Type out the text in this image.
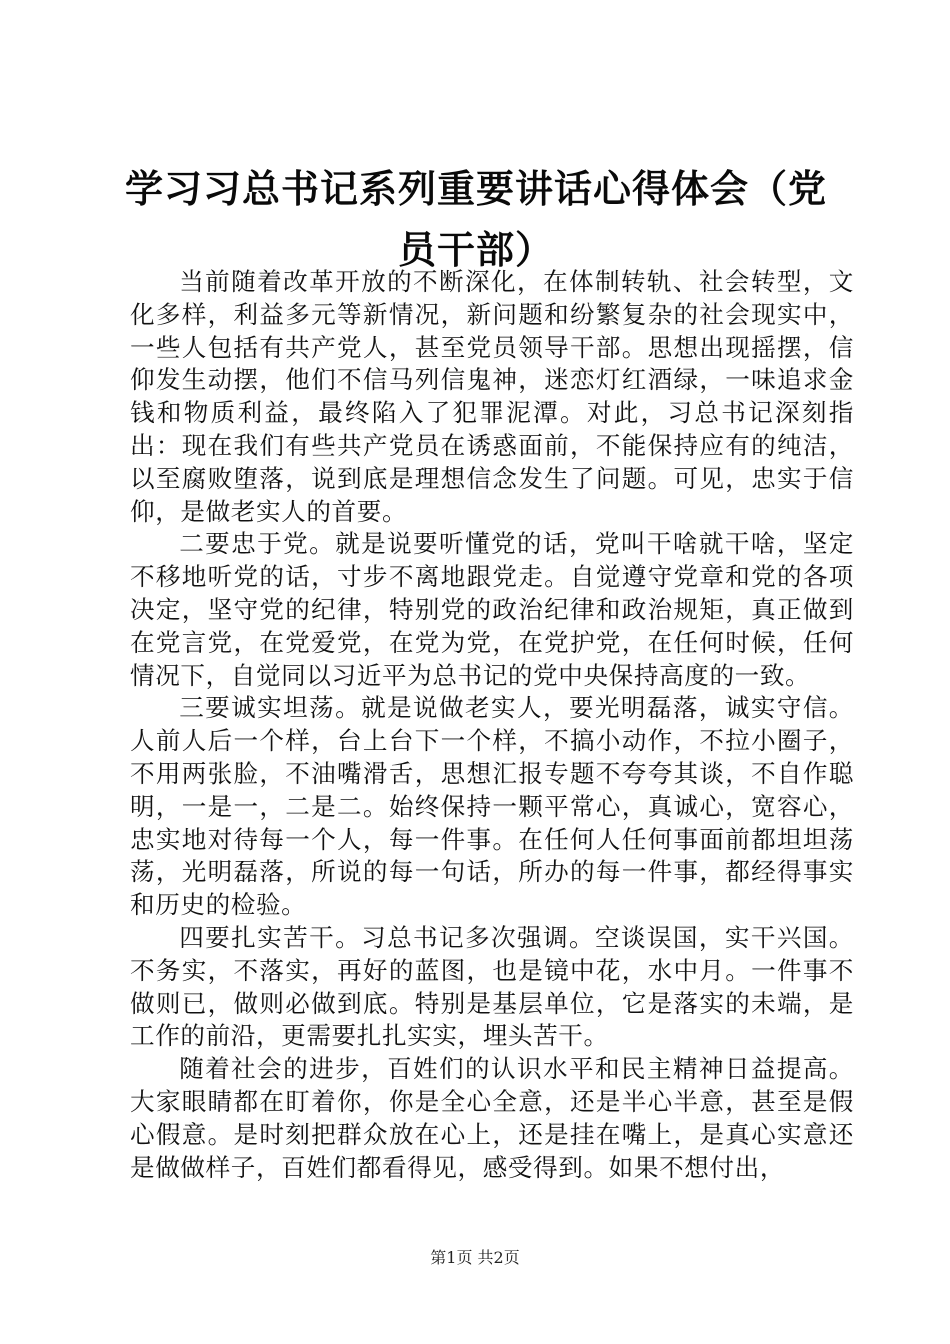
学习习总书记系列重要讲话心得体会（党员干部）

当前随着改革开放的不断深化，在体制转轨、社会转型，文化多样，利益多元等新情况，新问题和纷繁复杂的社会现实中，一些人包括有共产党人，甚至党员领导干部。思想出现摇摆，信仰发生动摆，他们不信马列信鬼神，迷恋灯红酒绿，一味追求金钱和物质利益，最终陷入了犯罪泥潭。对此，习总书记深刻指出：现在我们有些共产党员在诱惑面前，不能保持应有的纯洁，以至腐败堕落，说到底是理想信念发生了问题。可见，忠实于信仰，是做老实人的首要。

二要忠于党。就是说要听懂党的话，党叫干啥就干啥，坚定不移地听党的话，寸步不离地跟党走。自觉遵守党章和党的各项决定，坚守党的纪律，特别党的政治纪律和政治规矩，真正做到在党言党，在党爱党，在党为党，在党护党，在任何时候，任何情况下，自觉同以习近平为总书记的党中央保持高度的一致。

三要诚实坦荡。就是说做老实人，要光明磊落，诚实守信。人前人后一个样，台上台下一个样，不搞小动作，不拉小圈子，不用两张脸，不油嘴滑舌，思想汇报专题不夸夸其谈，不自作聪明，一是一，二是二。始终保持一颗平常心，真诚心，宽容心，忠实地对待每一个人，每一件事。在任何人任何事面前都坦坦荡荡，光明磊落，所说的每一句话，所办的每一件事，都经得事实和历史的检验。

四要扎实苦干。习总书记多次强调。空谈误国，实干兴国。不务实，不落实，再好的蓝图，也是镜中花，水中月。一件事不做则已，做则必做到底。特别是基层单位，它是落实的未端，是工作的前沿，更需要扎扎实实，埋头苦干。

随着社会的进步，百姓们的认识水平和民主精神日益提高。大家眼睛都在盯着你，你是全心全意，还是半心半意，甚至是假心假意。是时刻把群众放在心上，还是挂在嘴上，是真心实意还是做做样子，百姓们都看得见，感受得到。如果不想付出，

第1页 共2页
